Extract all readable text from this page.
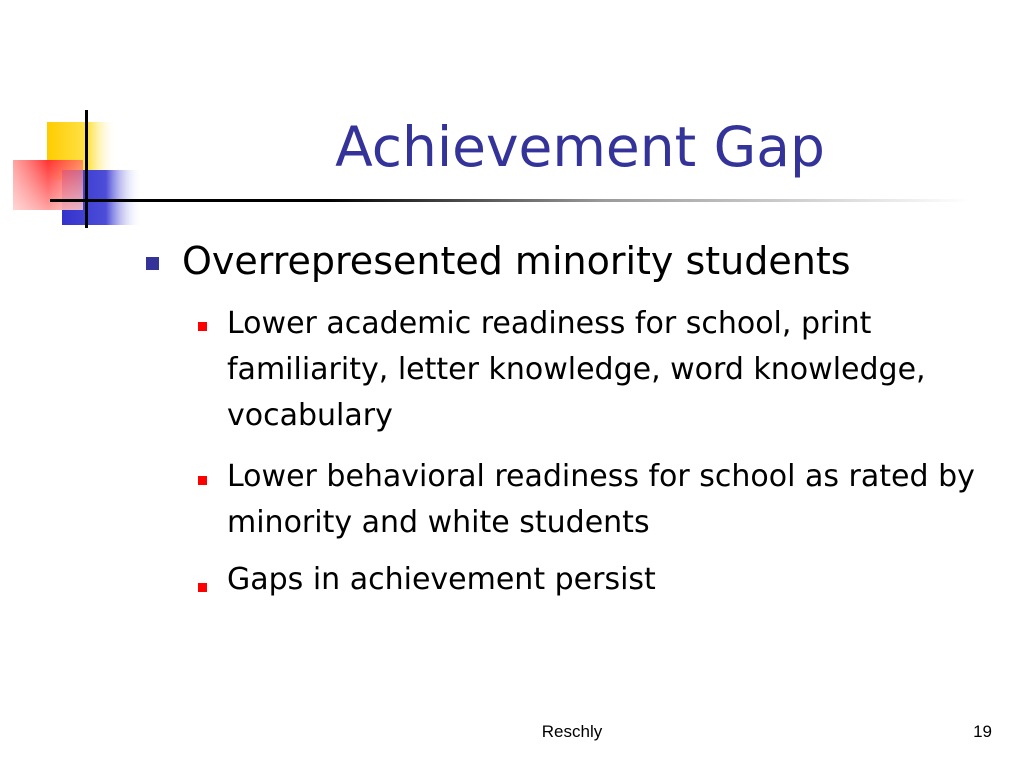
Achievement Gap
Overrepresented minority students
Lower academic readiness for school, print familiarity, letter knowledge, word knowledge, vocabulary
Lower behavioral readiness for school as rated by minority and white students
Gaps in achievement persist
Reschly	19
